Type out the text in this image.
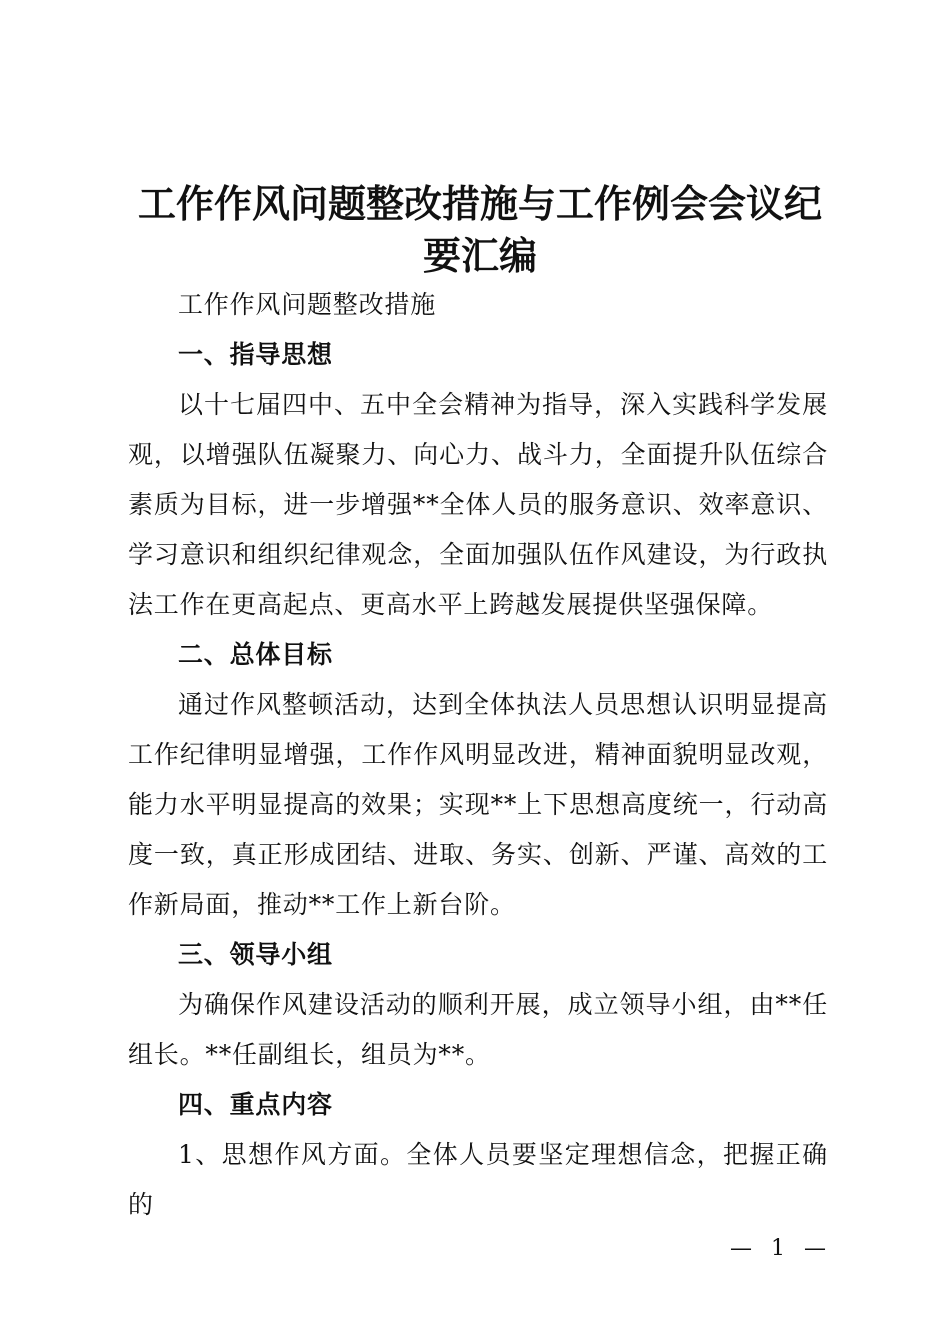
工作作风问题整改措施与工作例会会议纪要汇编

工作作风问题整改措施

一、指导思想

以十七届四中、五中全会精神为指导，深入实践科学发展观，以增强队伍凝聚力、向心力、战斗力，全面提升队伍综合素质为目标，进一步增强**全体人员的服务意识、效率意识、学习意识和组织纪律观念，全面加强队伍作风建设，为行政执法工作在更高起点、更高水平上跨越发展提供坚强保障。

二、总体目标

通过作风整顿活动，达到全体执法人员思想认识明显提高工作纪律明显增强，工作作风明显改进，精神面貌明显改观，能力水平明显提高的效果；实现**上下思想高度统一，行动高度一致，真正形成团结、进取、务实、创新、严谨、高效的工作新局面，推动**工作上新台阶。

三、领导小组

为确保作风建设活动的顺利开展，成立领导小组，由**任组长。**任副组长，组员为**。

四、重点内容

1、思想作风方面。全体人员要坚定理想信念，把握正确的

— 1 —
